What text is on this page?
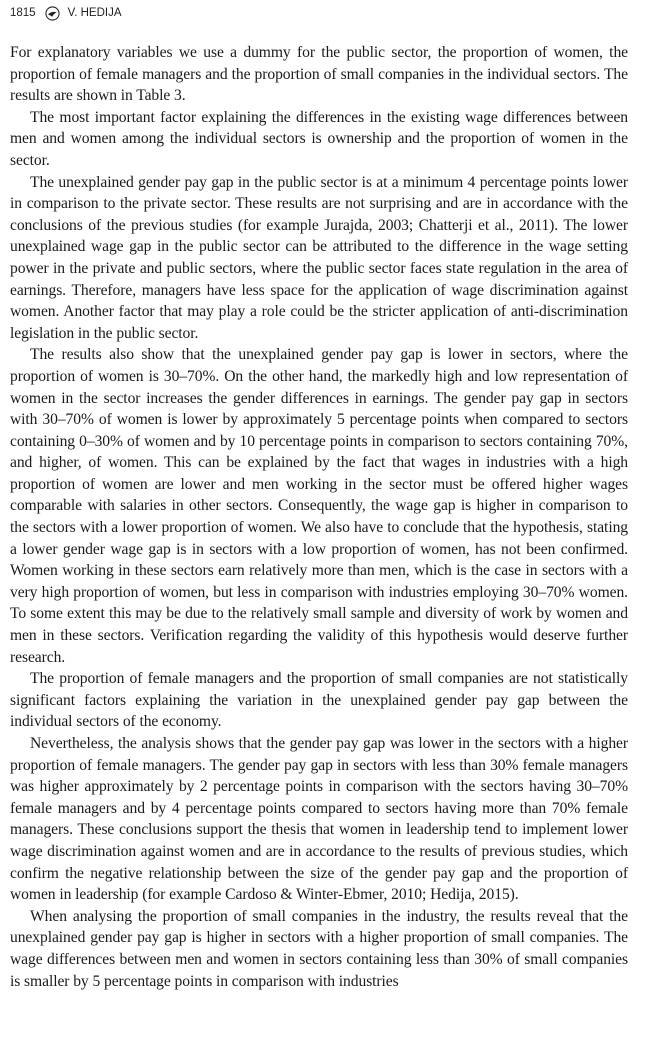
1815	V. HEDIJA

For explanatory variables we use a dummy for the public sector, the proportion of women, the proportion of female managers and the proportion of small companies in the individual sectors. The results are shown in Table 3.

The most important factor explaining the differences in the existing wage differences between men and women among the individual sectors is ownership and the proportion of women in the sector.

The unexplained gender pay gap in the public sector is at a minimum 4 percentage points lower in comparison to the private sector. These results are not surprising and are in accordance with the conclusions of the previous studies (for example Jurajda, 2003; Chatterji et al., 2011). The lower unexplained wage gap in the public sector can be attributed to the difference in the wage setting power in the private and public sectors, where the public sector faces state regulation in the area of earnings. Therefore, managers have less space for the application of wage discrimination against women. Another factor that may play a role could be the stricter application of anti-discrimination legislation in the public sector.

The results also show that the unexplained gender pay gap is lower in sectors, where the proportion of women is 30–70%. On the other hand, the markedly high and low representation of women in the sector increases the gender differences in earnings. The gender pay gap in sectors with 30–70% of women is lower by approximately 5 percentage points when compared to sectors containing 0–30% of women and by 10 percentage points in comparison to sectors containing 70%, and higher, of women. This can be explained by the fact that wages in industries with a high proportion of women are lower and men working in the sector must be offered higher wages comparable with salaries in other sectors. Consequently, the wage gap is higher in comparison to the sectors with a lower proportion of women. We also have to conclude that the hypothesis, stating a lower gender wage gap is in sectors with a low proportion of women, has not been confirmed. Women working in these sectors earn relatively more than men, which is the case in sectors with a very high proportion of women, but less in comparison with industries employing 30–70% women. To some extent this may be due to the relatively small sample and diversity of work by women and men in these sectors. Verification regarding the validity of this hypothesis would deserve further research.

The proportion of female managers and the proportion of small companies are not statistically significant factors explaining the variation in the unexplained gender pay gap between the individual sectors of the economy.

Nevertheless, the analysis shows that the gender pay gap was lower in the sectors with a higher proportion of female managers. The gender pay gap in sectors with less than 30% female managers was higher approximately by 2 percentage points in comparison with the sectors having 30–70% female managers and by 4 percentage points compared to sectors having more than 70% female managers. These conclusions support the thesis that women in leadership tend to implement lower wage discrimination against women and are in accordance to the results of previous studies, which confirm the negative relationship between the size of the gender pay gap and the proportion of women in leadership (for example Cardoso & Winter-Ebmer, 2010; Hedija, 2015).

When analysing the proportion of small companies in the industry, the results reveal that the unexplained gender pay gap is higher in sectors with a higher proportion of small companies. The wage differences between men and women in sectors containing less than 30% of small companies is smaller by 5 percentage points in comparison with industries
